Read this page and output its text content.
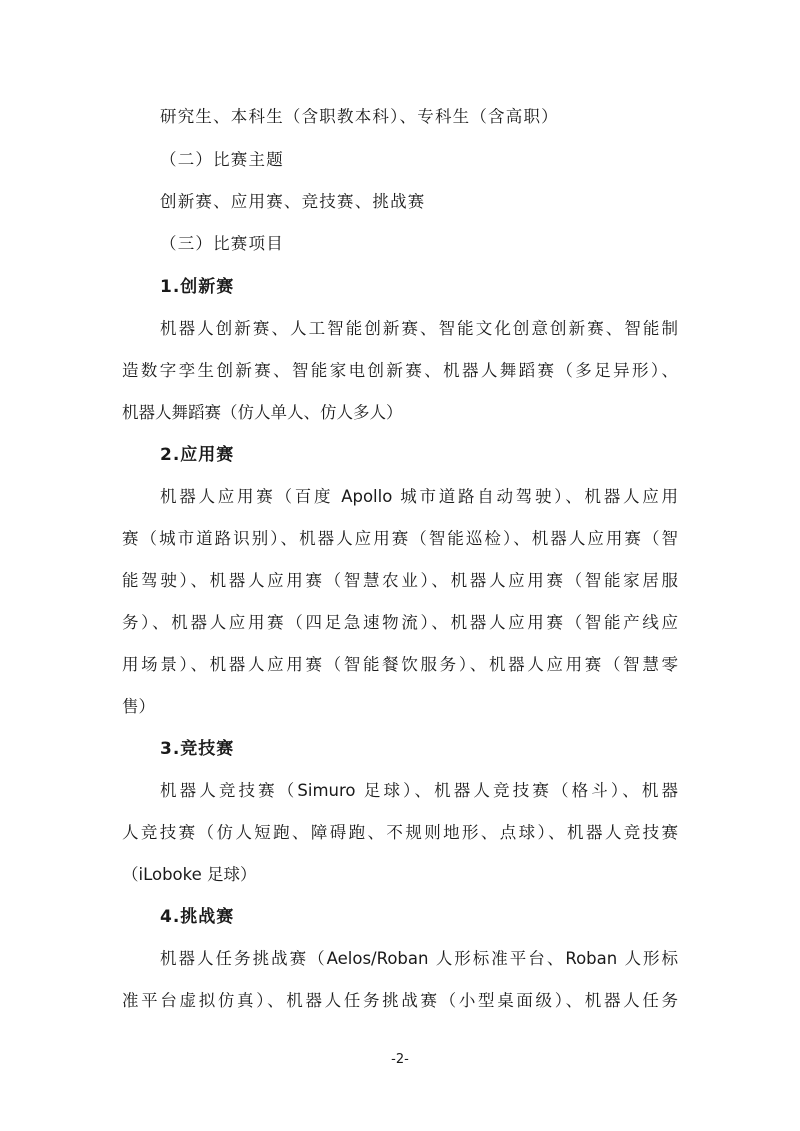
研究生、本科生（含职教本科）、专科生（含高职）
（二）比赛主题
创新赛、应用赛、竞技赛、挑战赛
（三）比赛项目
1.创新赛
机器人创新赛、人工智能创新赛、智能文化创意创新赛、智能制
造数字孪生创新赛、智能家电创新赛、机器人舞蹈赛（多足异形）、
机器人舞蹈赛（仿人单人、仿人多人）
2.应用赛
机器人应用赛（百度 Apollo 城市道路自动驾驶）、机器人应用
赛（城市道路识别）、机器人应用赛（智能巡检）、机器人应用赛（智
能驾驶）、机器人应用赛（智慧农业）、机器人应用赛（智能家居服
务）、机器人应用赛（四足急速物流）、机器人应用赛（智能产线应
用场景）、机器人应用赛（智能餐饮服务）、机器人应用赛（智慧零
售）
3.竞技赛
机器人竞技赛（Simuro 足球）、机器人竞技赛（格斗）、机器
人竞技赛（仿人短跑、障碍跑、不规则地形、点球）、机器人竞技赛
（iLoboke 足球）
4.挑战赛
机器人任务挑战赛（Aelos/Roban 人形标准平台、Roban 人形标
准平台虚拟仿真）、机器人任务挑战赛（小型桌面级）、机器人任务
-2-
